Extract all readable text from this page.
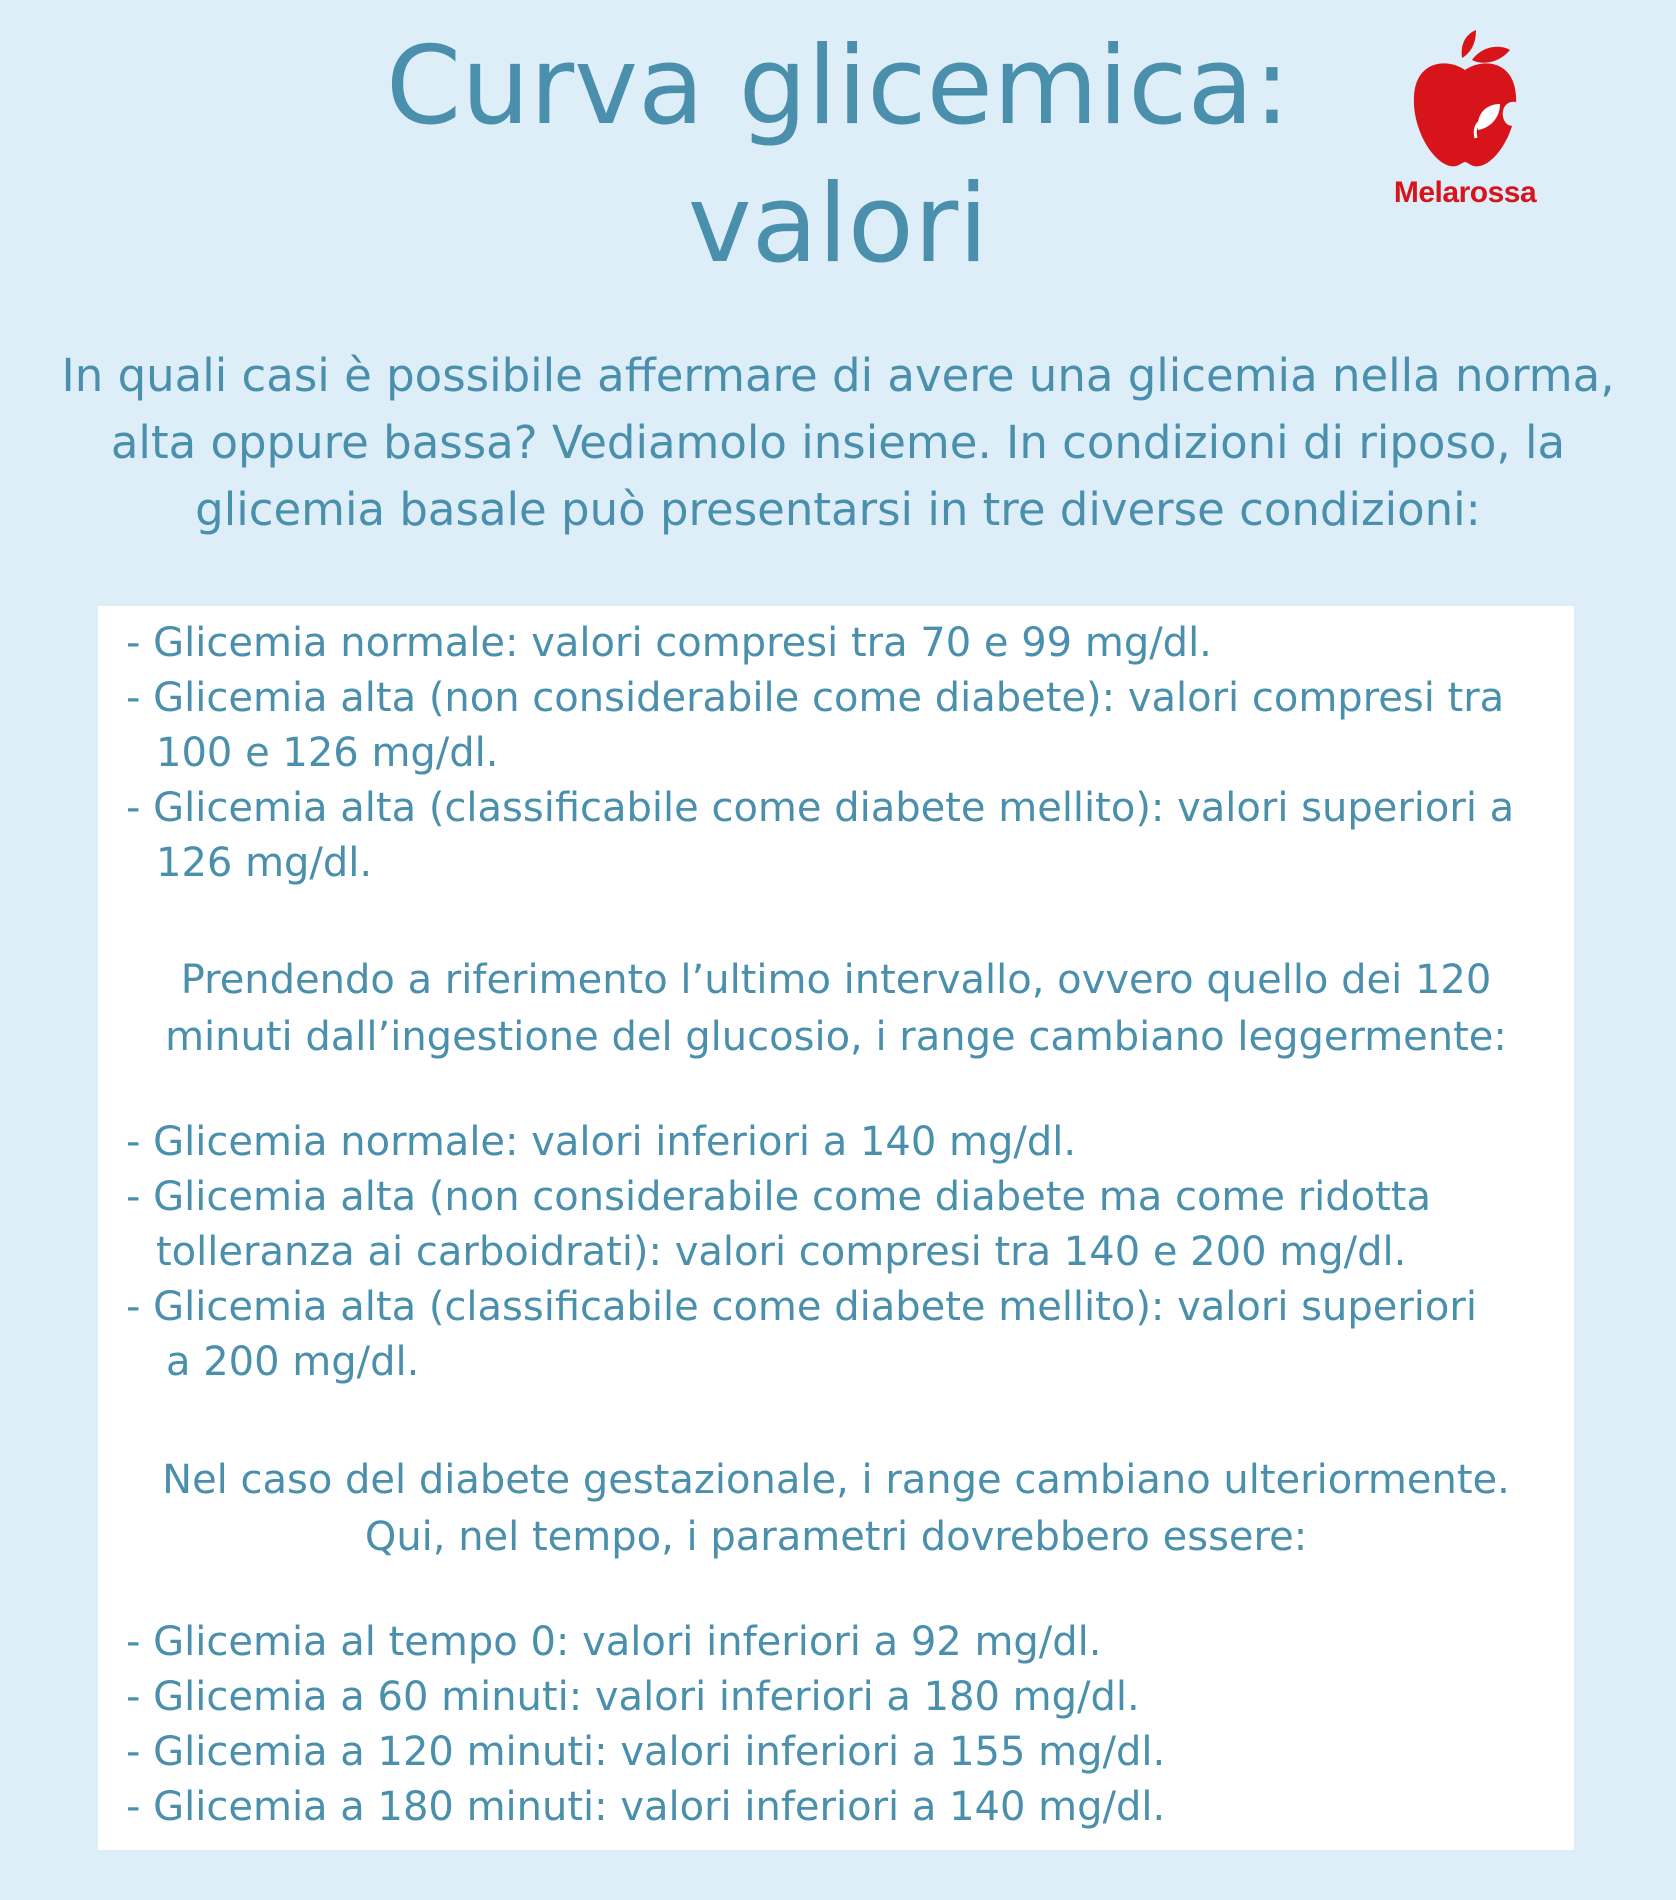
Curva glicemica:
valori	Melarossa

In quali casi è possibile affermare di avere una glicemia nella norma,
alta oppure bassa? Vediamolo insieme. In condizioni di riposo, la
glicemia basale può presentarsi in tre diverse condizioni:

- Glicemia normale: valori compresi tra 70 e 99 mg/dl.
- Glicemia alta (non considerabile come diabete): valori compresi tra
100 e 126 mg/dl.
- Glicemia alta (classificabile come diabete mellito): valori superiori a
126 mg/dl.

Prendendo a riferimento l’ultimo intervallo, ovvero quello dei 120
minuti dall’ingestione del glucosio, i range cambiano leggermente:

- Glicemia normale: valori inferiori a 140 mg/dl.
- Glicemia alta (non considerabile come diabete ma come ridotta
tolleranza ai carboidrati): valori compresi tra 140 e 200 mg/dl.
- Glicemia alta (classificabile come diabete mellito): valori superiori
a 200 mg/dl.

Nel caso del diabete gestazionale, i range cambiano ulteriormente.
Qui, nel tempo, i parametri dovrebbero essere:

- Glicemia al tempo 0: valori inferiori a 92 mg/dl.
- Glicemia a 60 minuti: valori inferiori a 180 mg/dl.
- Glicemia a 120 minuti: valori inferiori a 155 mg/dl.
- Glicemia a 180 minuti: valori inferiori a 140 mg/dl.
